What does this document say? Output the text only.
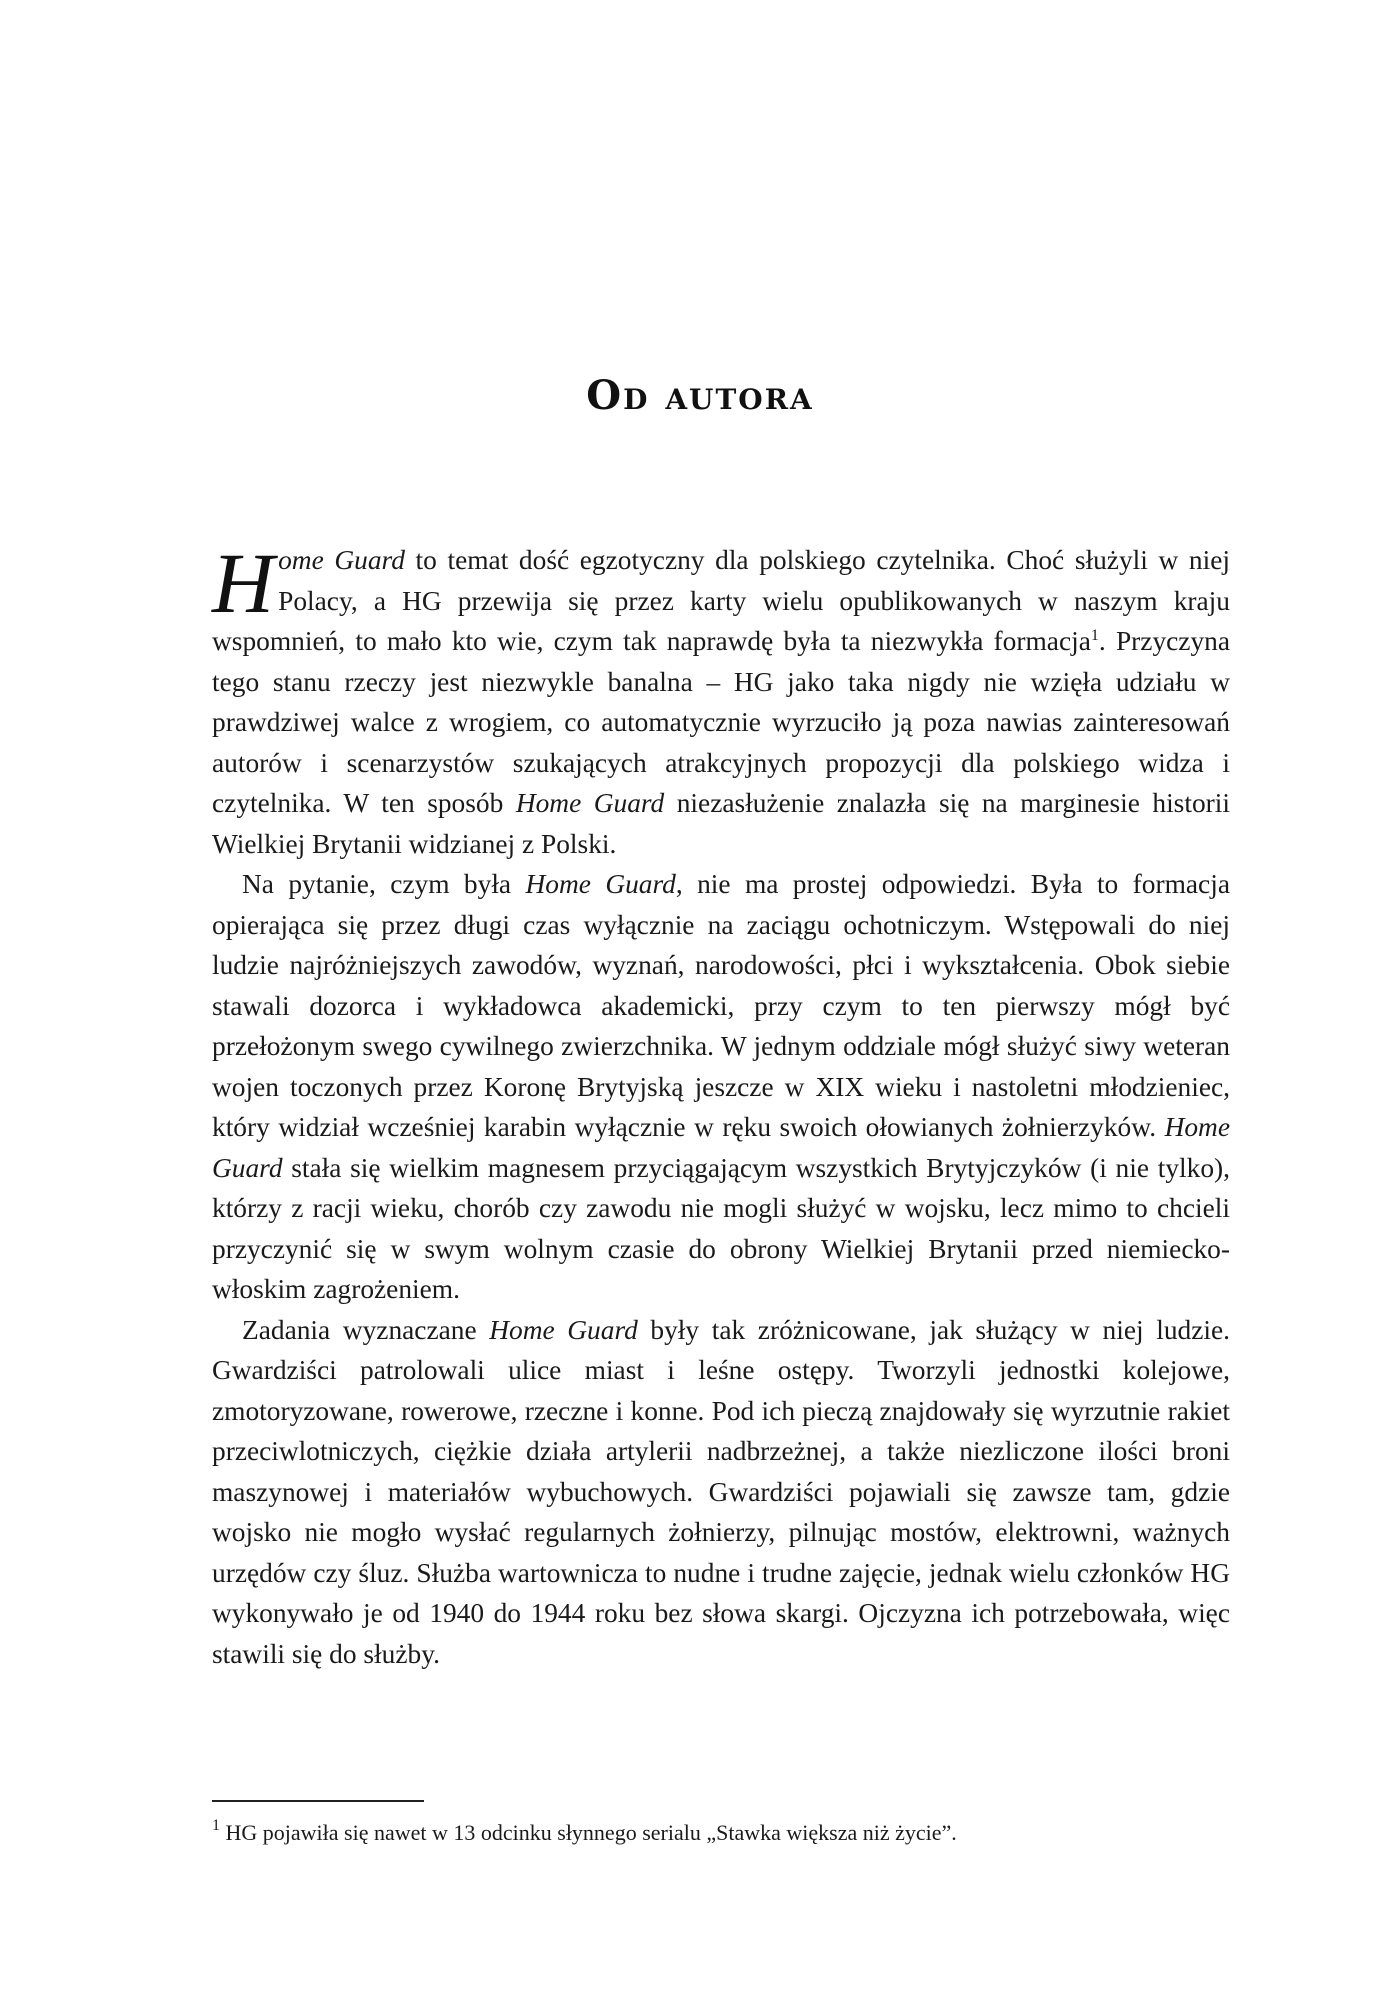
Od autora

Home Guard to temat dość egzotyczny dla polskiego czytelnika. Choć służyli w niej Polacy, a HG przewija się przez karty wielu opublikowanych w naszym kraju wspomnień, to mało kto wie, czym tak naprawdę była ta niezwykła formacja$^1$. Przyczyna tego stanu rzeczy jest niezwykle banalna – HG jako taka nigdy nie wzięła udziału w prawdziwej walce z wrogiem, co automatycznie wyrzuciło ją poza nawias zainteresowań autorów i scenarzystów szukających atrakcyjnych propozycji dla polskiego widza i czytelnika. W ten sposób Home Guard niezasłużenie znalazła się na marginesie historii Wielkiej Brytanii widzianej z Polski.

Na pytanie, czym była Home Guard, nie ma prostej odpowiedzi. Była to formacja opierająca się przez długi czas wyłącznie na zaciągu ochotniczym. Wstępowali do niej ludzie najróżniejszych zawodów, wyznań, narodowości, płci i wykształcenia. Obok siebie stawali dozorca i wykładowca akademicki, przy czym to ten pierwszy mógł być przełożonym swego cywilnego zwierzchnika. W jednym oddziale mógł służyć siwy weteran wojen toczonych przez Koronę Brytyjską jeszcze w XIX wieku i nastoletni młodzieniec, który widział wcześniej karabin wyłącznie w ręku swoich ołowianych żołnierzyków. Home Guard stała się wielkim magnesem przyciągającym wszystkich Brytyjczyków (i nie tylko), którzy z racji wieku, chorób czy zawodu nie mogli służyć w wojsku, lecz mimo to chcieli przyczynić się w swym wolnym czasie do obrony Wielkiej Brytanii przed niemiecko-włoskim zagrożeniem.

Zadania wyznaczane Home Guard były tak zróżnicowane, jak służący w niej ludzie. Gwardziści patrolowali ulice miast i leśne ostępy. Tworzyli jednostki kolejowe, zmotoryzowane, rowerowe, rzeczne i konne. Pod ich pieczą znajdowały się wyrzutnie rakiet przeciwlotniczych, ciężkie działa artylerii nadbrzeżnej, a także niezliczone ilości broni maszynowej i materiałów wybuchowych. Gwardziści pojawiali się zawsze tam, gdzie wojsko nie mogło wysłać regularnych żołnierzy, pilnując mostów, elektrowni, ważnych urzędów czy śluz. Służba wartownicza to nudne i trudne zajęcie, jednak wielu członków HG wykonywało je od 1940 do 1944 roku bez słowa skargi. Ojczyzna ich potrzebowała, więc stawili się do służby.

$^1$ HG pojawiła się nawet w 13 odcinku słynnego serialu „Stawka większa niż życie”.
